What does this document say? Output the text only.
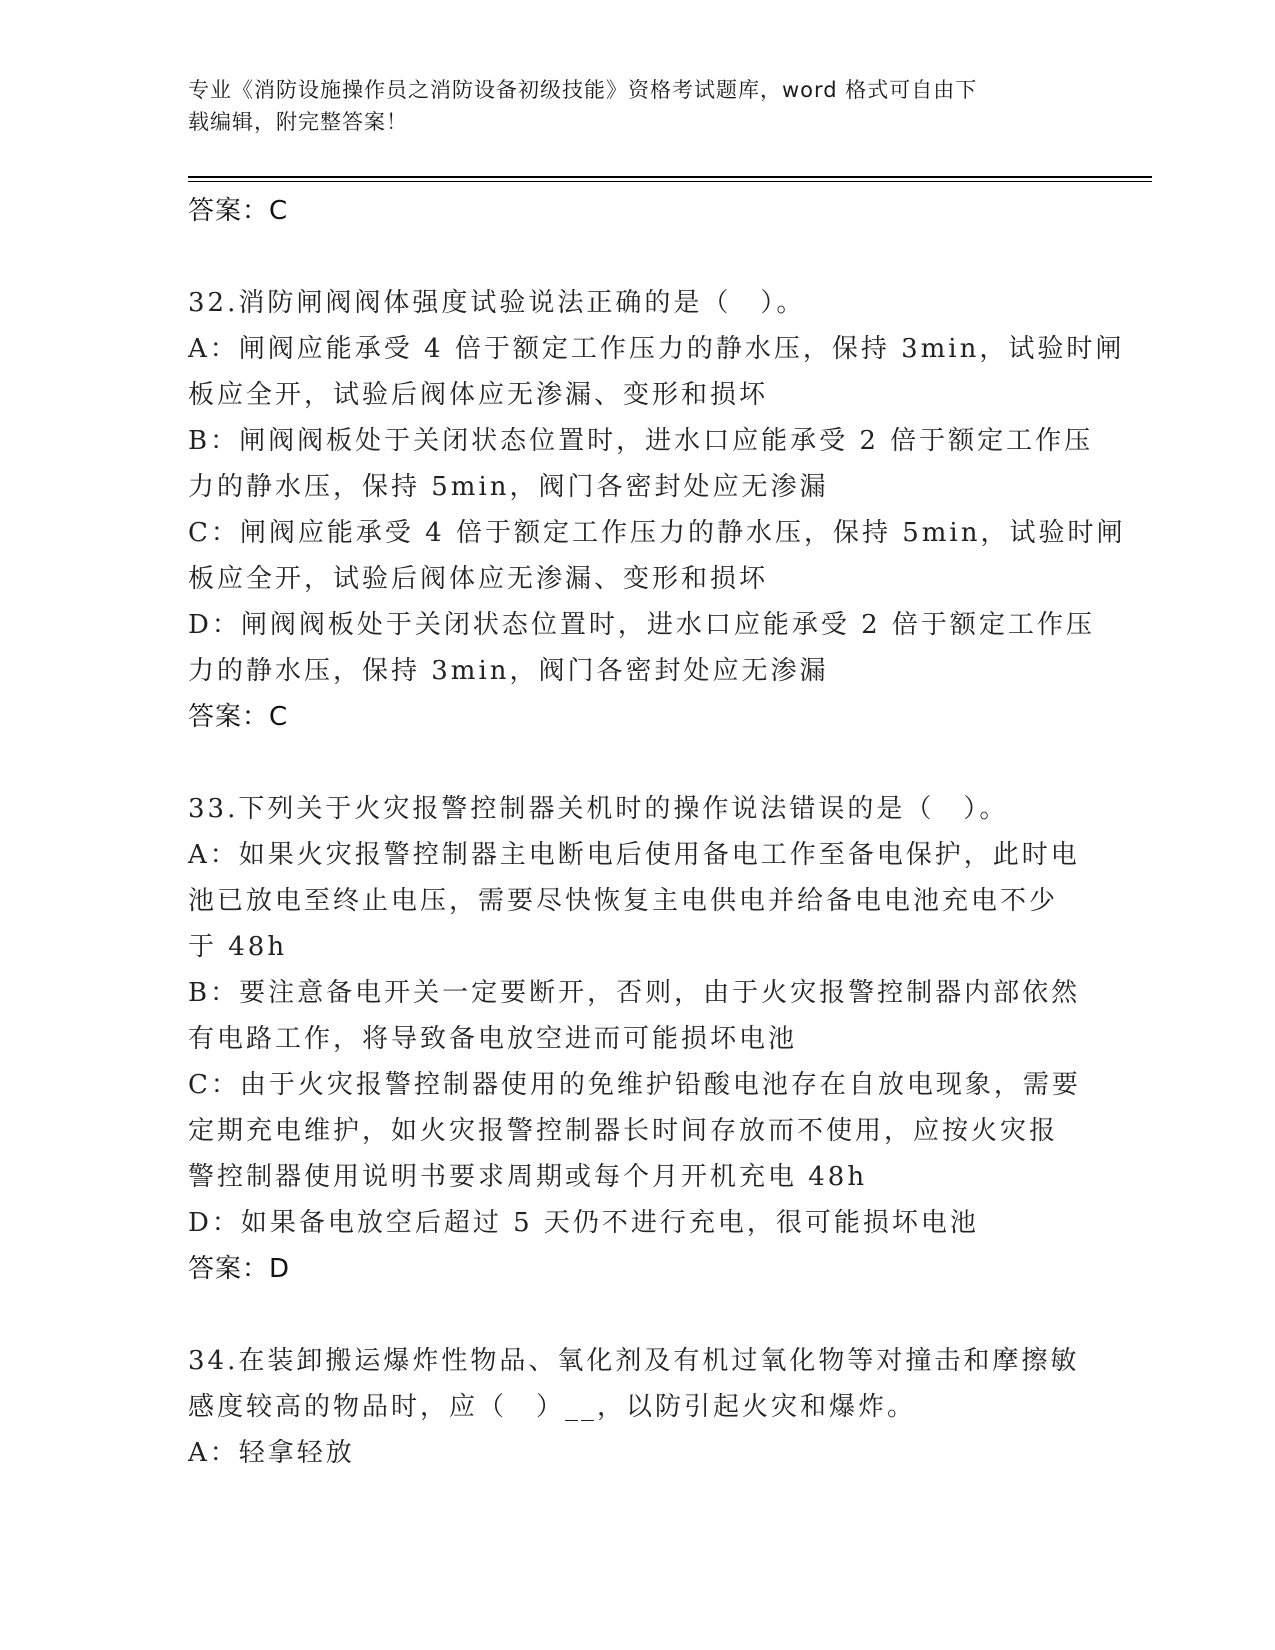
专业《消防设施操作员之消防设备初级技能》资格考试题库，word 格式可自由下
载编辑，附完整答案！
答案：C
32.消防闸阀阀体强度试验说法正确的是（　）。
A：闸阀应能承受 4 倍于额定工作压力的静水压，保持 3min，试验时闸
板应全开，试验后阀体应无渗漏、变形和损坏
B：闸阀阀板处于关闭状态位置时，进水口应能承受 2 倍于额定工作压
力的静水压，保持 5min，阀门各密封处应无渗漏
C：闸阀应能承受 4 倍于额定工作压力的静水压，保持 5min，试验时闸
板应全开，试验后阀体应无渗漏、变形和损坏
D：闸阀阀板处于关闭状态位置时，进水口应能承受 2 倍于额定工作压
力的静水压，保持 3min，阀门各密封处应无渗漏
答案：C
33.下列关于火灾报警控制器关机时的操作说法错误的是（　）。
A：如果火灾报警控制器主电断电后使用备电工作至备电保护，此时电
池已放电至终止电压，需要尽快恢复主电供电并给备电电池充电不少
于 48h
B：要注意备电开关一定要断开，否则，由于火灾报警控制器内部依然
有电路工作，将导致备电放空进而可能损坏电池
C：由于火灾报警控制器使用的免维护铅酸电池存在自放电现象，需要
定期充电维护，如火灾报警控制器长时间存放而不使用，应按火灾报
警控制器使用说明书要求周期或每个月开机充电 48h
D：如果备电放空后超过 5 天仍不进行充电，很可能损坏电池
答案：D
34.在装卸搬运爆炸性物品、氧化剂及有机过氧化物等对撞击和摩擦敏
感度较高的物品时，应（　）__，以防引起火灾和爆炸。
A：轻拿轻放
